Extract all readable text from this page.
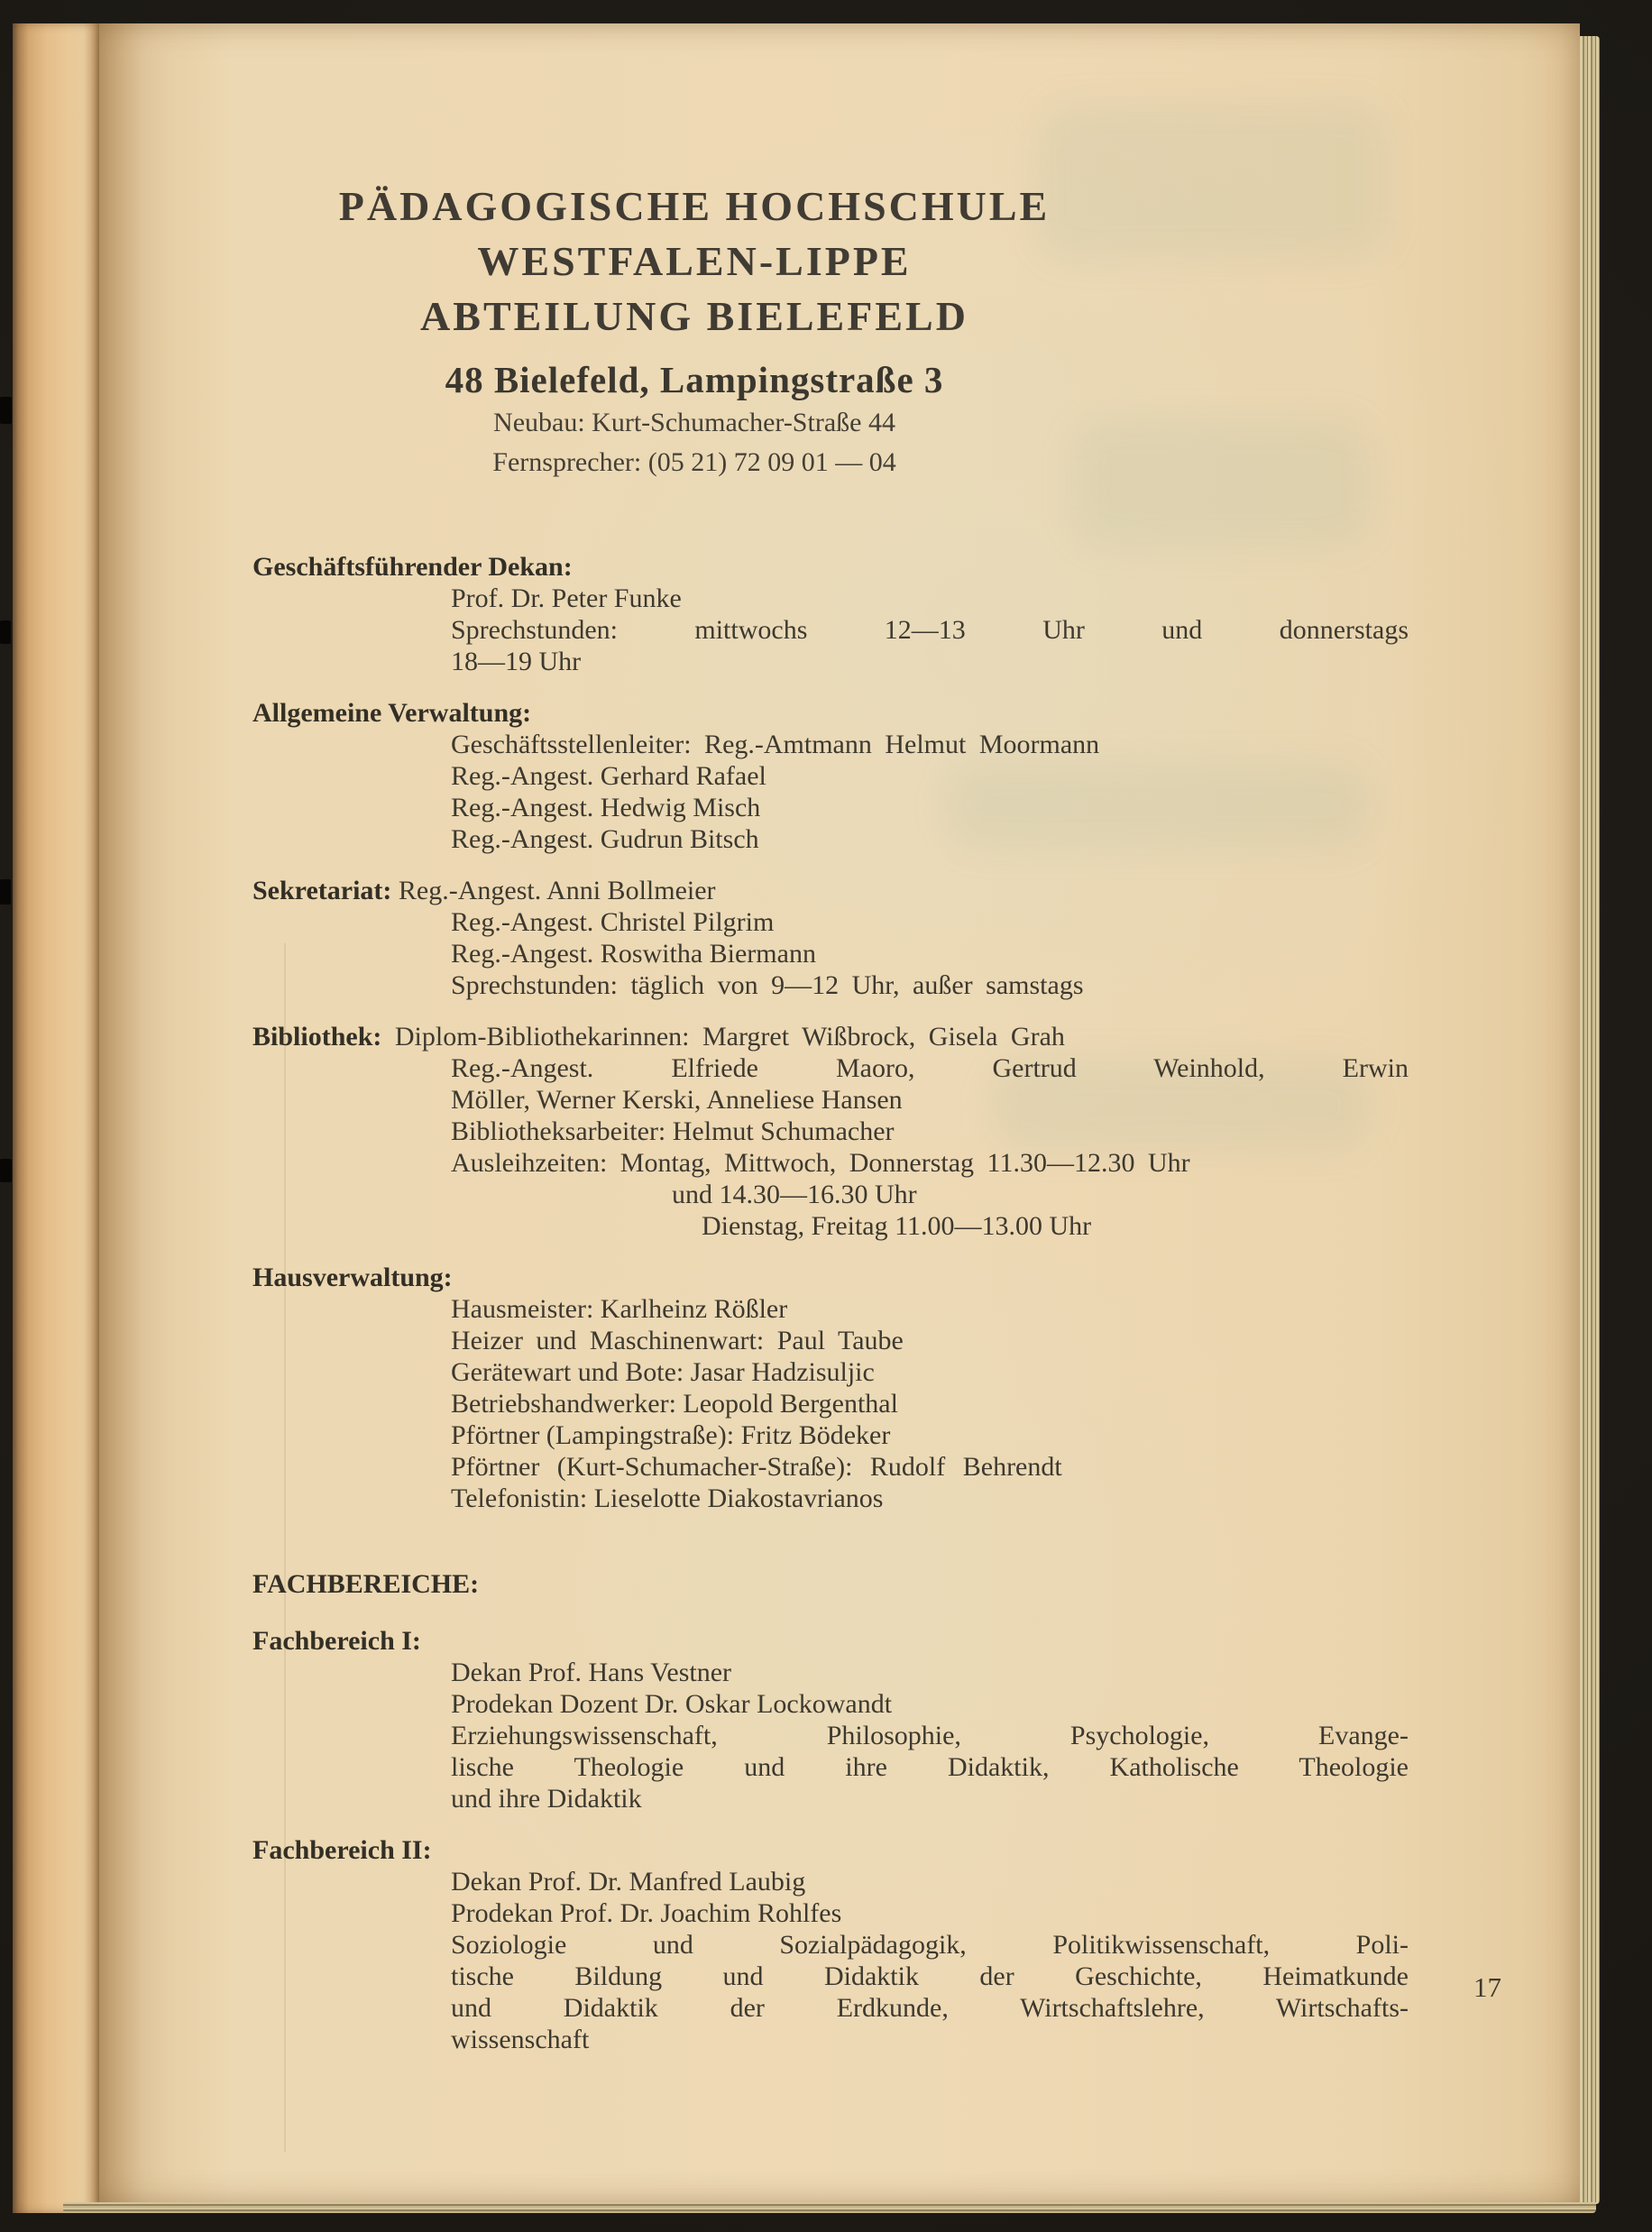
PÄDAGOGISCHE HOCHSCHULE
WESTFALEN-LIPPE
ABTEILUNG BIELEFELD
48 Bielefeld, Lampingstraße 3
Neubau: Kurt-Schumacher-Straße 44
Fernsprecher: (05 21) 72 09 01 — 04
Geschäftsführender Dekan:
Prof. Dr. Peter Funke
Sprechstunden: mittwochs 12—13 Uhr und donnerstags
18—19 Uhr
Allgemeine Verwaltung:
Geschäftsstellenleiter: Reg.-Amtmann Helmut Moormann
Reg.-Angest. Gerhard Rafael
Reg.-Angest. Hedwig Misch
Reg.-Angest. Gudrun Bitsch
Sekretariat: Reg.-Angest. Anni Bollmeier
Reg.-Angest. Christel Pilgrim
Reg.-Angest. Roswitha Biermann
Sprechstunden: täglich von 9—12 Uhr, außer samstags
Bibliothek: Diplom-Bibliothekarinnen: Margret Wißbrock, Gisela Grah
Reg.-Angest. Elfriede Maoro, Gertrud Weinhold, Erwin
Möller, Werner Kerski, Anneliese Hansen
Bibliotheksarbeiter: Helmut Schumacher
Ausleihzeiten: Montag, Mittwoch, Donnerstag 11.30—12.30 Uhr
und 14.30—16.30 Uhr
Dienstag, Freitag 11.00—13.00 Uhr
Hausverwaltung:
Hausmeister: Karlheinz Rößler
Heizer und Maschinenwart: Paul Taube
Gerätewart und Bote: Jasar Hadzisuljic
Betriebshandwerker: Leopold Bergenthal
Pförtner (Lampingstraße): Fritz Bödeker
Pförtner (Kurt-Schumacher-Straße): Rudolf Behrendt
Telefonistin: Lieselotte Diakostavrianos
FACHBEREICHE:
Fachbereich I:
Dekan Prof. Hans Vestner
Prodekan Dozent Dr. Oskar Lockowandt
Erziehungswissenschaft, Philosophie, Psychologie, Evange-
lische Theologie und ihre Didaktik, Katholische Theologie
und ihre Didaktik
Fachbereich II:
Dekan Prof. Dr. Manfred Laubig
Prodekan Prof. Dr. Joachim Rohlfes
Soziologie und Sozialpädagogik, Politikwissenschaft, Poli-
tische Bildung und Didaktik der Geschichte, Heimatkunde
und Didaktik der Erdkunde, Wirtschaftslehre, Wirtschafts-
wissenschaft
17
